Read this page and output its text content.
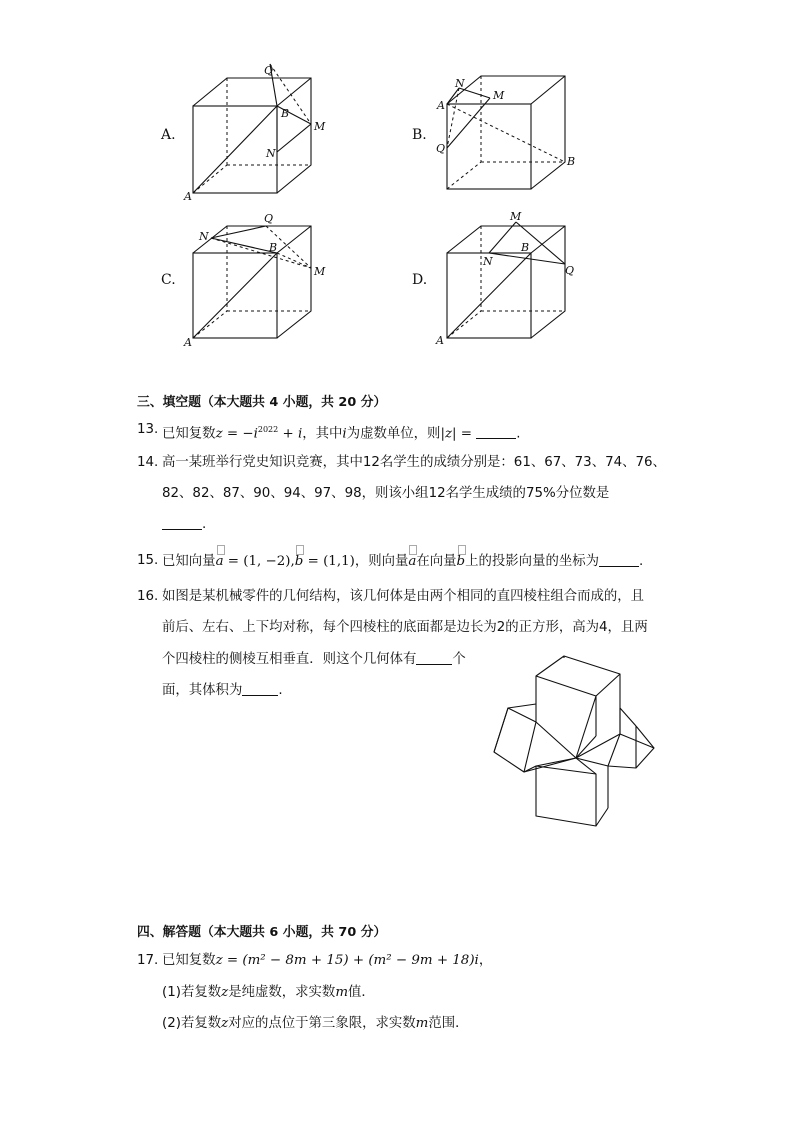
A.	B.
C.	D.
Q
B
M
N
A
N
M
A
Q
B
Q
N
B
M
A
M
B
N
Q
A
三、填空题（本大题共 4 小题，共 20 分）
13. 已知复数$z = -i^{2022} + i$，其中i为虚数单位，则|z| =	.
14. 高一某班举行党史知识竞赛，其中12名学生的成绩分别是：61、67、73、74、76、
82、82、87、90、94、97、98，则该小组12名学生成绩的75%分位数是
.
15. 已知向量
a = (1, −2),
b = (1,1)，则向量
a在向量
b上的投影向量的坐标为	.
16. 如图是某机械零件的几何结构，该几何体是由两个相同的直四棱柱组合而成的，且
前后、左右、上下均对称，每个四棱柱的底面都是边长为2的正方形，高为4，且两
个四棱柱的侧棱互相垂直．则这个几何体有	个
面，其体积为	.
四、解答题（本大题共 6 小题，共 70 分）
17. 已知复数z = (m² − 8m + 15) + (m² − 9m + 18)i，
(1)若复数z是纯虚数，求实数m值．
(2)若复数z对应的点位于第三象限，求实数m范围．
